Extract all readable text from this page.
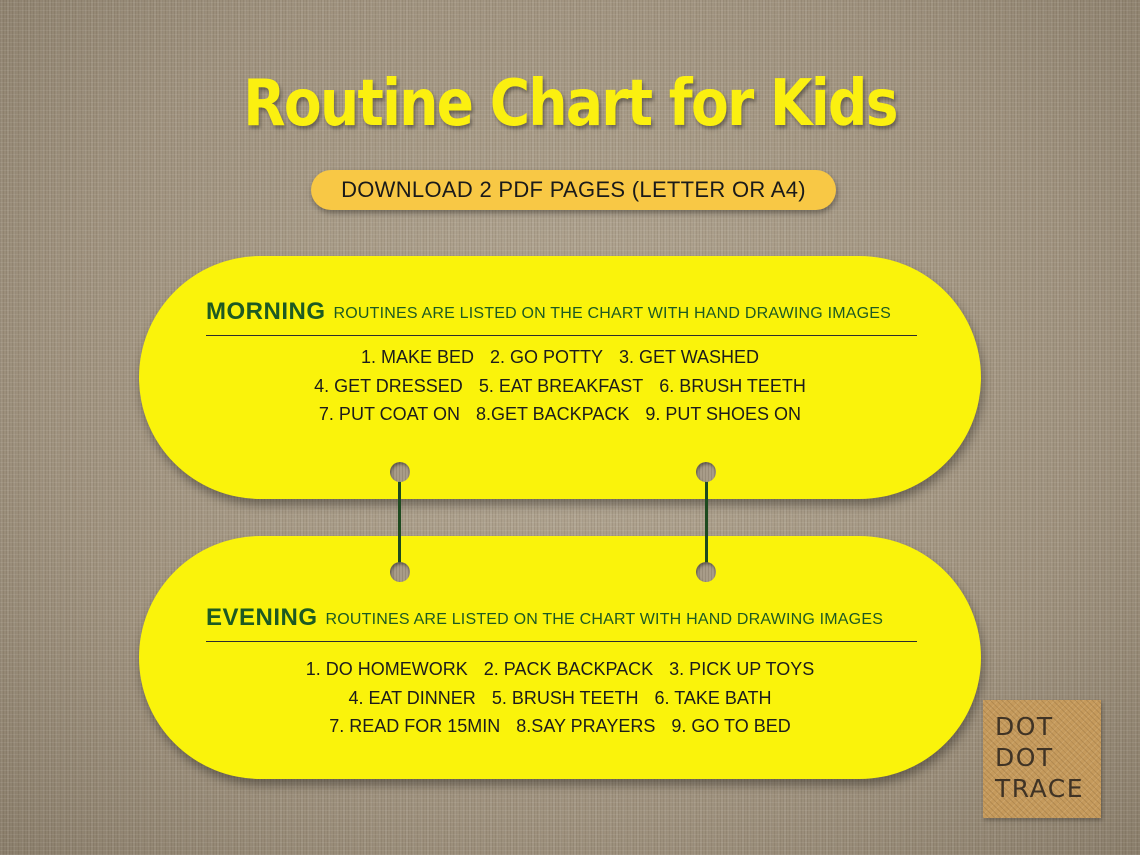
Routine Chart for Kids
DOWNLOAD 2 PDF PAGES (LETTER OR A4)
MORNING ROUTINES ARE LISTED ON THE CHART WITH HAND DRAWING IMAGES
1. MAKE BED 2. GO POTTY 3. GET WASHED
4. GET DRESSED 5. EAT BREAKFAST 6. BRUSH TEETH
7. PUT COAT ON 8.GET BACKPACK 9. PUT SHOES ON
EVENING ROUTINES ARE LISTED ON THE CHART WITH HAND DRAWING IMAGES
1. DO HOMEWORK 2. PACK BACKPACK 3. PICK UP TOYS
4. EAT DINNER 5. BRUSH TEETH 6. TAKE BATH
7. READ FOR 15MIN 8.SAY PRAYERS 9. GO TO BED	DOT
DOT
TRACE
